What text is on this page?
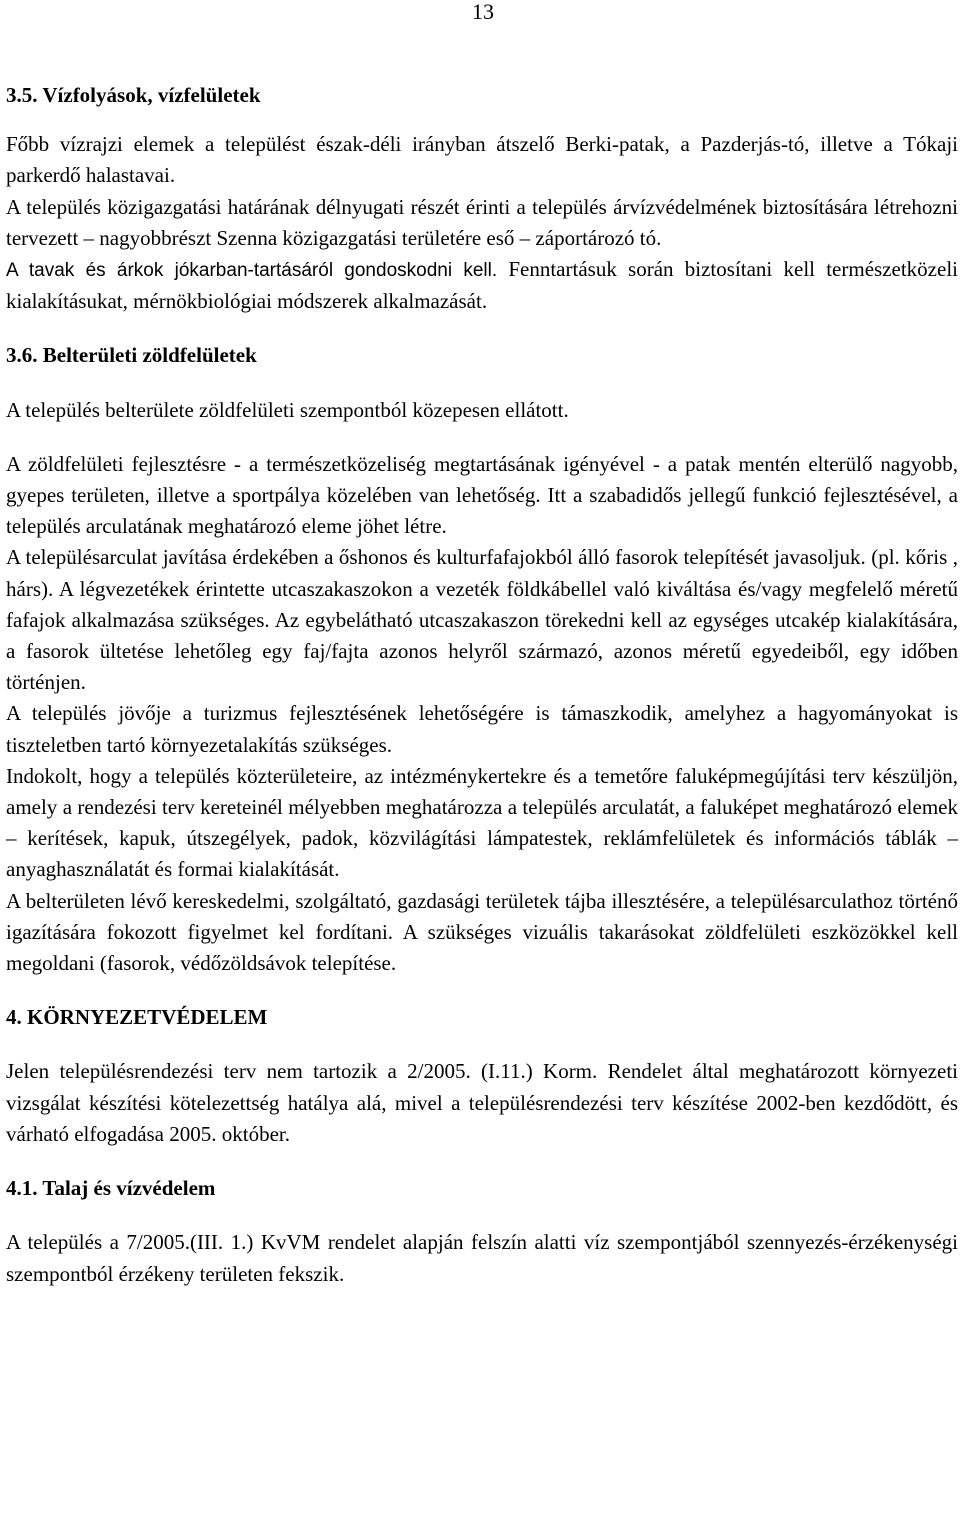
13
3.5. Vízfolyások, vízfelületek

Főbb vízrajzi elemek a települést észak-déli irányban átszelő Berki-patak, a Pazderjás-tó, illetve a Tókaji parkerdő halastavai.

A település közigazgatási határának délnyugati részét érinti a település árvízvédelmének biztosítására létrehozni tervezett – nagyobbrészt Szenna közigazgatási területére eső – záportározó tó.

A tavak és árkok jókarban-tartásáról gondoskodni kell. Fenntartásuk során biztosítani kell természetközeli kialakításukat, mérnökbiológiai módszerek alkalmazását.

3.6. Belterületi zöldfelületek

A település belterülete zöldfelületi szempontból közepesen ellátott.

A zöldfelületi fejlesztésre - a természetközeliség megtartásának igényével - a patak mentén elterülő nagyobb, gyepes területen, illetve a sportpálya közelében van lehetőség. Itt a szabadidős jellegű funkció fejlesztésével, a település arculatának meghatározó eleme jöhet létre.

A településarculat javítása érdekében a őshonos és kulturfafajokból álló fasorok telepítését javasoljuk. (pl. kőris , hárs). A légvezetékek érintette utcaszakaszokon a vezeték földkábellel való kiváltása és/vagy megfelelő méretű fafajok alkalmazása szükséges. Az egybelátható utcaszakaszon törekedni kell az egységes utcakép kialakítására, a fasorok ültetése lehetőleg egy faj/fajta azonos helyről származó, azonos méretű egyedeiből, egy időben történjen.

A település jövője a turizmus fejlesztésének lehetőségére is támaszkodik, amelyhez a hagyományokat is tiszteletben tartó környezetalakítás szükséges.

Indokolt, hogy a település közterületeire, az intézménykertekre és a temetőre faluképmegújítási terv készüljön, amely a rendezési terv kereteinél mélyebben meghatározza a település arculatát, a faluképet meghatározó elemek – kerítések, kapuk, útszegélyek, padok, közvilágítási lámpatestek, reklámfelületek és információs táblák – anyaghasználatát és formai kialakítását.

A belterületen lévő kereskedelmi, szolgáltató, gazdasági területek tájba illesztésére, a településarculathoz történő igazítására fokozott figyelmet kel fordítani. A szükséges vizuális takarásokat zöldfelületi eszközökkel kell megoldani (fasorok, védőzöldsávok telepítése.

4. KÖRNYEZETVÉDELEM

Jelen településrendezési terv nem tartozik a 2/2005. (I.11.) Korm. Rendelet által meghatározott környezeti vizsgálat készítési kötelezettség hatálya alá, mivel a településrendezési terv készítése 2002-ben kezdődött, és várható elfogadása 2005. október.

4.1. Talaj és vízvédelem

A település a 7/2005.(III. 1.) KvVM rendelet alapján felszín alatti víz szempontjából szennyezés-érzékenységi szempontból érzékeny területen fekszik.
